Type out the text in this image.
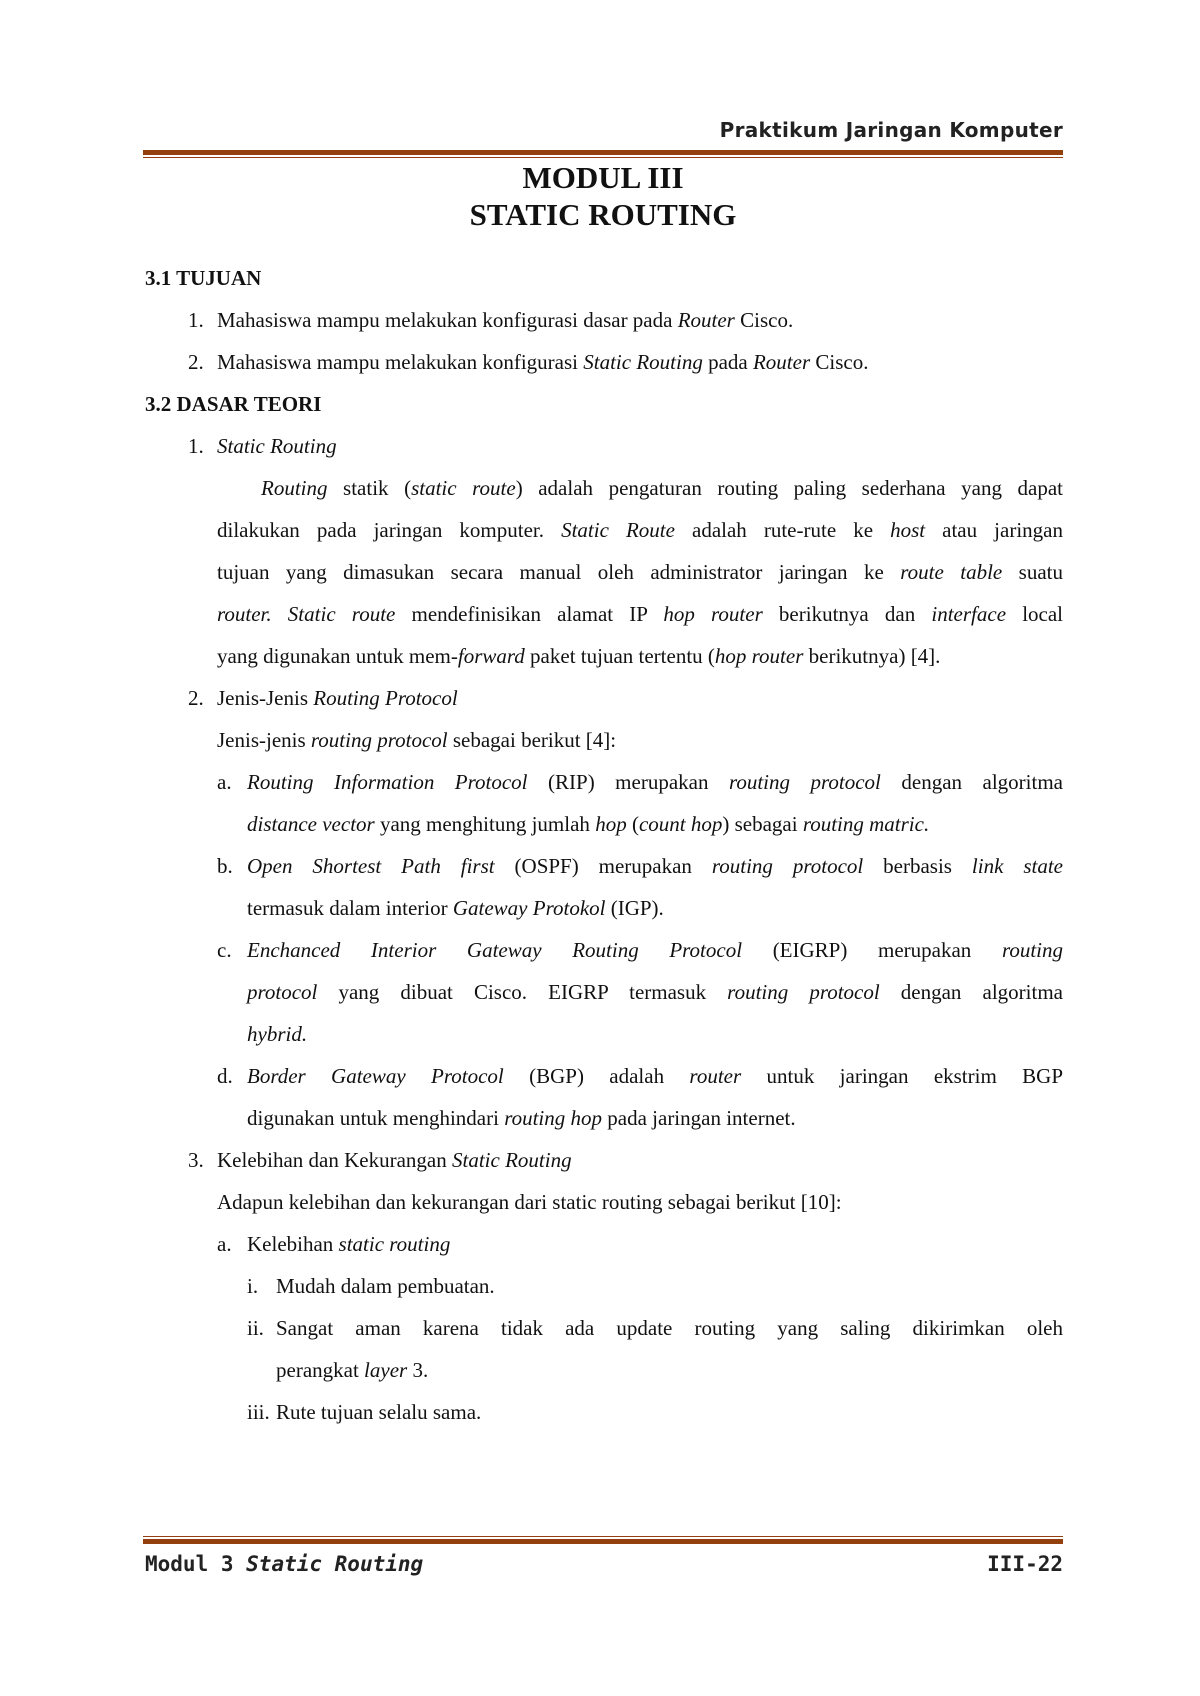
Praktikum Jaringan Komputer
MODUL III
STATIC ROUTING
3.1 TUJUAN
1. Mahasiswa mampu melakukan konfigurasi dasar pada Router Cisco.
2. Mahasiswa mampu melakukan konfigurasi Static Routing pada Router Cisco.
3.2 DASAR TEORI
1. Static Routing
Routing statik (static route) adalah pengaturan routing paling sederhana yang dapat
dilakukan pada jaringan komputer. Static Route adalah rute-rute ke host atau jaringan
tujuan yang dimasukan secara manual oleh administrator jaringan ke route table suatu
router. Static route mendefinisikan alamat IP hop router berikutnya dan interface local
yang digunakan untuk mem-forward paket tujuan tertentu (hop router berikutnya) [4].
2. Jenis-Jenis Routing Protocol
Jenis-jenis routing protocol sebagai berikut [4]:
a. Routing Information Protocol (RIP) merupakan routing protocol dengan algoritma
distance vector yang menghitung jumlah hop (count hop) sebagai routing matric.
b. Open Shortest Path first (OSPF) merupakan routing protocol berbasis link state
termasuk dalam interior Gateway Protokol (IGP).
c. Enchanced Interior Gateway Routing Protocol (EIGRP) merupakan routing
protocol yang dibuat Cisco. EIGRP termasuk routing protocol dengan algoritma
hybrid.
d. Border Gateway Protocol (BGP) adalah router untuk jaringan ekstrim BGP
digunakan untuk menghindari routing hop pada jaringan internet.
3. Kelebihan dan Kekurangan Static Routing
Adapun kelebihan dan kekurangan dari static routing sebagai berikut [10]:
a. Kelebihan static routing
i. Mudah dalam pembuatan.
ii. Sangat aman karena tidak ada update routing yang saling dikirimkan oleh
perangkat layer 3.
iii. Rute tujuan selalu sama.
Modul 3 Static Routing	III-22
